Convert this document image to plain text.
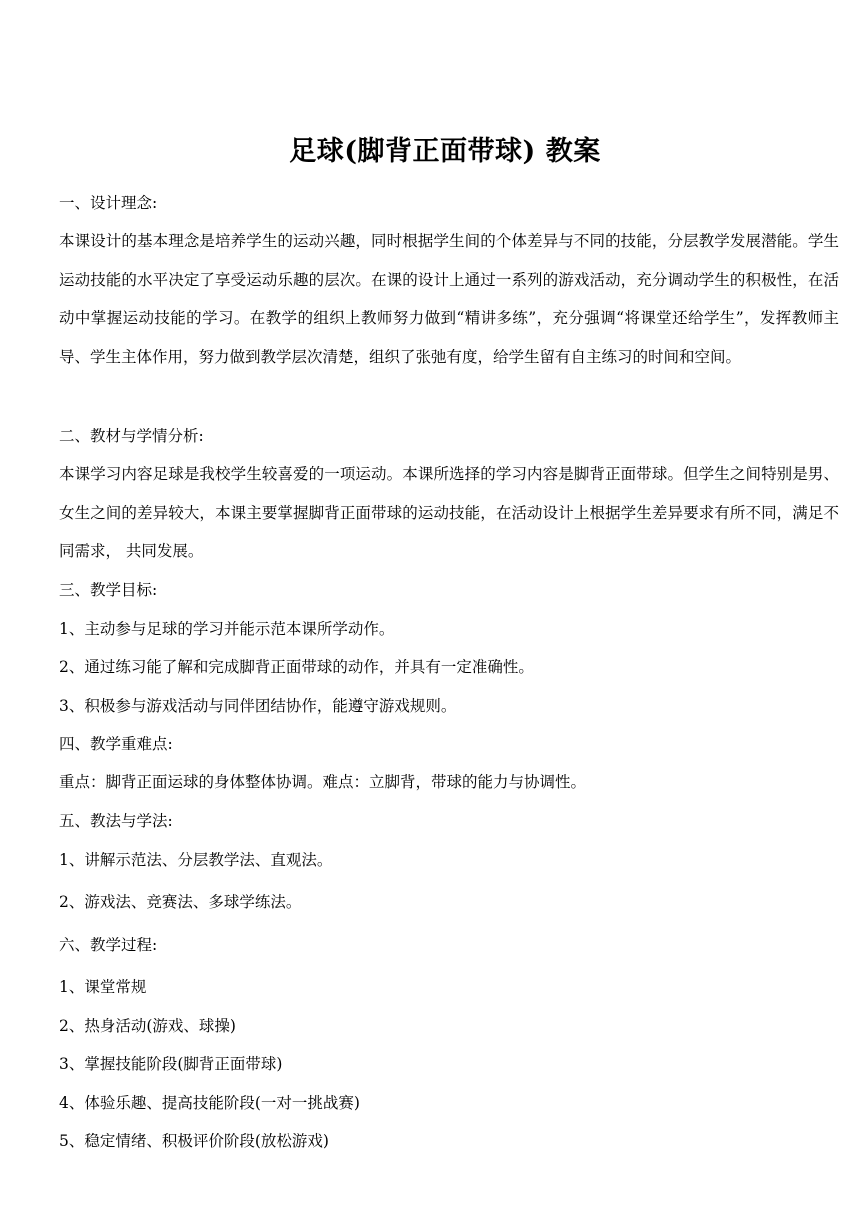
足球(脚背正面带球) 教案
一、设计理念:
本课设计的基本理念是培养学生的运动兴趣，同时根据学生间的个体差异与不同的技能，分层教学发展潜能。学生运动技能的水平决定了享受运动乐趣的层次。在课的设计上通过一系列的游戏活动，充分调动学生的积极性，在活动中掌握运动技能的学习。在教学的组织上教师努力做到“精讲多练”，充分强调“将课堂还给学生”，发挥教师主导、学生主体作用，努力做到教学层次清楚，组织了张弛有度，给学生留有自主练习的时间和空间。
二、教材与学情分析:
本课学习内容足球是我校学生较喜爱的一项运动。本课所选择的学习内容是脚背正面带球。但学生之间特别是男、女生之间的差异较大，本课主要掌握脚背正面带球的运动技能，在活动设计上根据学生差异要求有所不同，满足不同需求， 共同发展。
三、教学目标:
1、主动参与足球的学习并能示范本课所学动作。
2、通过练习能了解和完成脚背正面带球的动作，并具有一定准确性。
3、积极参与游戏活动与同伴团结协作，能遵守游戏规则。
四、教学重难点:
重点：脚背正面运球的身体整体协调。难点：立脚背，带球的能力与协调性。
五、教法与学法:
1、讲解示范法、分层教学法、直观法。
2、游戏法、竞赛法、多球学练法。
六、教学过程:
1、课堂常规
2、热身活动(游戏、球操)
3、掌握技能阶段(脚背正面带球)
4、体验乐趣、提高技能阶段(一对一挑战赛)
5、稳定情绪、积极评价阶段(放松游戏)
